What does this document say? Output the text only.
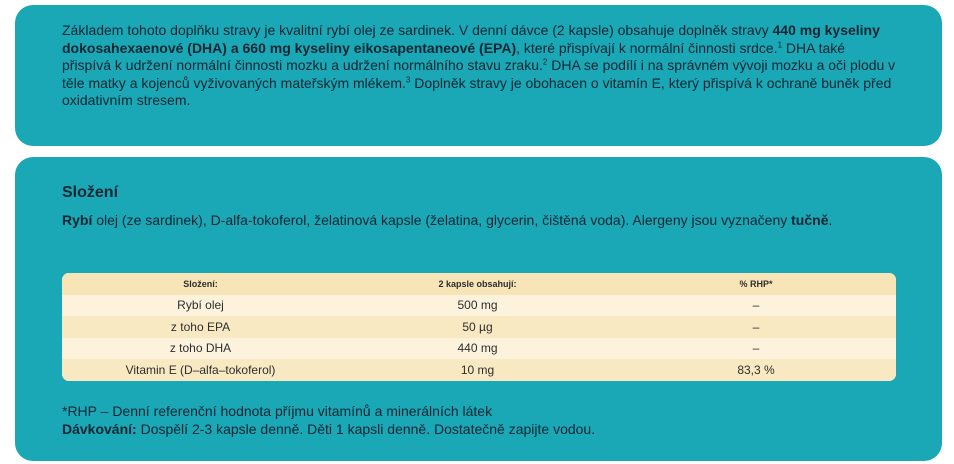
Základem tohoto doplňku stravy je kvalitní rybí olej ze sardinek. V denní dávce (2 kapsle) obsahuje doplněk stravy 440 mg kyseliny dokosahexaenové (DHA) a 660 mg kyseliny eikosapentaneové (EPA), které přispívají k normální činnosti srdce.$^1$ DHA také přispívá k udržení normální činnosti mozku a udržení normálního stavu zraku.$^2$ DHA se podílí i na správném vývoji mozku a oči plodu v těle matky a kojenců vyživovaných mateřským mlékem.$^3$ Doplněk stravy je obohacen o vitamín E, který přispívá k ochraně buněk před oxidativním stresem.

Složení

Rybí olej (ze sardinek), D-alfa-tokoferol, želatinová kapsle (želatina, glycerin, čištěná voda). Alergeny jsou vyznačeny tučně.

Složení:	2 kapsle obsahují:	% RHP*
Rybí olej	500 mg	–
z toho EPA	50 µg	–
z toho DHA	440 mg	–
Vitamin E (D–alfa–tokoferol)	10 mg	83,3 %
*RHP – Denní referenční hodnota příjmu vitamínů a minerálních látek
Dávkování: Dospělí 2-3 kapsle denně. Děti 1 kapsli denně. Dostatečně zapijte vodou.
